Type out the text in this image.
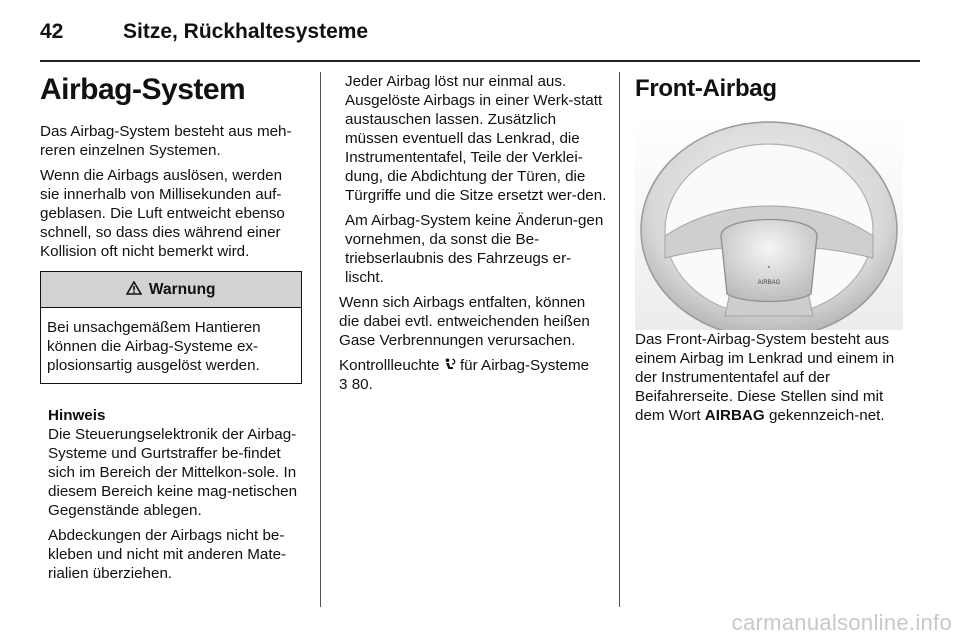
42	Sitze, Rückhaltesysteme
Airbag-System

Das Airbag-System besteht aus meh-reren einzelnen Systemen.

Wenn die Airbags auslösen, werden sie innerhalb von Millisekunden auf-geblasen. Die Luft entweicht ebenso schnell, so dass dies während einer Kollision oft nicht bemerkt wird.

Warnung

Bei unsachgemäßem Hantieren können die Airbag-Systeme ex-plosionsartig ausgelöst werden.

Hinweis

Die Steuerungselektronik der Airbag-Systeme und Gurtstraffer be-findet sich im Bereich der Mittelkon-sole. In diesem Bereich keine mag-netischen Gegenstände ablegen.

Abdeckungen der Airbags nicht be-kleben und nicht mit anderen Mate-rialien überziehen.

Jeder Airbag löst nur einmal aus. Ausgelöste Airbags in einer Werk-statt austauschen lassen. Zusätzlich müssen eventuell das Lenkrad, die Instrumententafel, Teile der Verklei-dung, die Abdichtung der Türen, die Türgriffe und die Sitze ersetzt wer-den.

Am Airbag-System keine Änderun-gen vornehmen, da sonst die Be-triebserlaubnis des Fahrzeugs er-lischt.

Wenn sich Airbags entfalten, können die dabei evtl. entweichenden heißen Gase Verbrennungen verursachen.

Kontrollleuchte für Airbag-Systeme
3 80.

Front-Airbag
●
AIRBAG

Das Front-Airbag-System besteht aus einem Airbag im Lenkrad und einem in der Instrumententafel auf der Beifahrerseite. Diese Stellen sind mit dem Wort AIRBAG gekennzeich-net.

carmanualsonline.info
